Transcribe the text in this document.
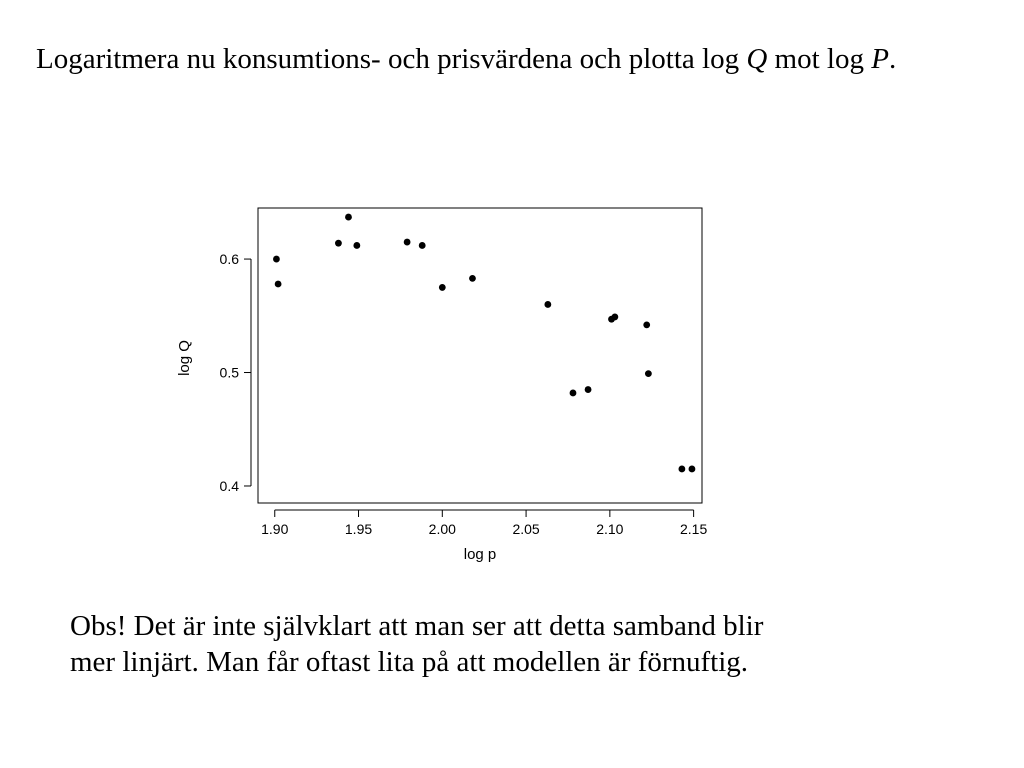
Logaritmera nu konsumtions- och prisvärdena och plotta log Q mot log P.

1.90	1.95	2.00	2.05	2.10	2.15
0.4
0.5
0.6
log p
log Q

Obs! Det är inte självklart att man ser att detta samband blir
mer linjärt. Man får oftast lita på att modellen är förnuftig.
